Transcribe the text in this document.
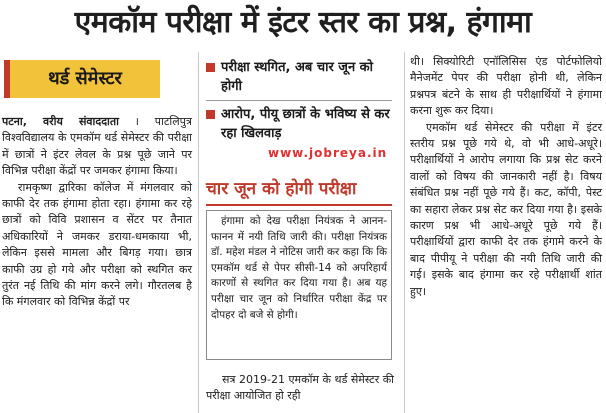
एमकॉम परीक्षा में इंटर स्तर का प्रश्न, हंगामा
थर्ड सेमेस्टर

पटना, वरीय संवाददाता । पाटलिपुत्र विश्वविद्यालय के एमकॉम थर्ड सेमेस्टर की परीक्षा में छात्रों ने इंटर लेवल के प्रश्न पूछे जाने पर विभिन्न परीक्षा केंद्रों पर जमकर हंगामा किया।

रामकृष्ण द्वारिका कॉलेज में मंगलवार को काफी देर तक हंगामा होता रहा। हंगामा कर रहे छात्रों को विवि प्रशासन व सेंटर पर तैनात अधिकारियों ने जमकर डराया-धमकाया भी, लेकिन इससे मामला और बिगड़ गया। छात्र काफी उग्र हो गये और परीक्षा को स्थगित कर तुरंत नई तिथि की मांग करने लगे। गौरतलब है कि मंगलवार को विभिन्न केंद्रों पर

परीक्षा स्थगित, अब चार जून को होगी
आरोप, पीयू छात्रों के भविष्य से कर रहा खिलवाड़
चार जून को होगी परीक्षा

हंगामा को देख परीक्षा नियंत्रक ने आनन-फानन में नयी तिथि जारी की। परीक्षा नियंत्रक डॉ. महेश मंडल ने नोटिस जारी कर कहा कि कि एमकॉम थर्ड से पेपर सीसी-14 को अपरिहार्य कारणों से स्थगित कर दिया गया है। अब यह परीक्षा चार जून को निर्धारित परीक्षा केंद्र पर दोपहर दो बजे से होगी।

सत्र 2019-21 एमकॉम के थर्ड सेमेस्टर की परीक्षा आयोजित हो रही

www.jobreya.in

थी। सिक्योरिटी एनॉलिसिस एंड पोर्टफोलियो मैनेजमेंट पेपर की परीक्षा होनी थी, लेकिन प्रश्नपत्र बंटने के साथ ही परीक्षार्थियों ने हंगामा करना शुरू कर दिया।

एमकॉम थर्ड सेमेस्टर की परीक्षा में इंटर स्तरीय प्रश्न पूछे गये थे, वो भी आधे-अधूरे। परीक्षार्थियों ने आरोप लगाया कि प्रश्न सेट करने वालों को विषय की जानकारी नहीं है। विषय संबंधित प्रश्न नहीं पूछे गये हैं। कट, कॉपी, पेस्ट का सहारा लेकर प्रश्न सेट कर दिया गया है। इसके कारण प्रश्न भी आधे-अधूरे पूछे गये हैं। परीक्षार्थियों द्वारा काफी देर तक हंगामे करने के बाद पीपीयू ने परीक्षा की नयी तिथि जारी की गई। इसके बाद हंगामा कर रहे परीक्षार्थी शांत हुए।
